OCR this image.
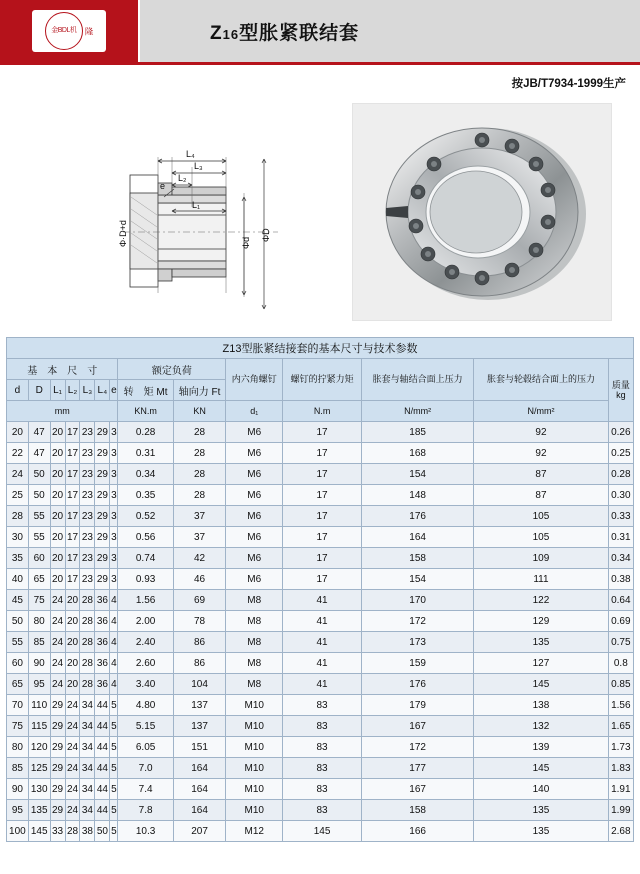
金BDL机 隆	Z16型胀紧联结套
按JB/T7934-1999生产
L₄
L₃
L₂
L₁
e
Φd
ΦD
Φ·D+d
Z13型胀紧结接套的基本尺寸与技术参数													
基　本　尺　寸							额定负荷		内六角螺钉	螺钉的拧紧力矩	胀套与轴结合面上压力	胀套与轮毂结合面上的压力	质量
kg

d	D	L₁	L₂	L₃	L₄	e	转　矩 Mt	轴向力 Ft					
mm							KN.m	KN	d₁	N.m	N/mm²	N/mm²	
20	47	20	17	23	29	3	0.28	28	M6	17	185	92	0.26
22	47	20	17	23	29	3	0.31	28	M6	17	168	92	0.25
24	50	20	17	23	29	3	0.34	28	M6	17	154	87	0.28
25	50	20	17	23	29	3	0.35	28	M6	17	148	87	0.30
28	55	20	17	23	29	3	0.52	37	M6	17	176	105	0.33
30	55	20	17	23	29	3	0.56	37	M6	17	164	105	0.31
35	60	20	17	23	29	3	0.74	42	M6	17	158	109	0.34
40	65	20	17	23	29	3	0.93	46	M6	17	154	111	0.38
45	75	24	20	28	36	4	1.56	69	M8	41	170	122	0.64
50	80	24	20	28	36	4	2.00	78	M8	41	172	129	0.69
55	85	24	20	28	36	4	2.40	86	M8	41	173	135	0.75
60	90	24	20	28	36	4	2.60	86	M8	41	159	127	0.8
65	95	24	20	28	36	4	3.40	104	M8	41	176	145	0.85
70	110	29	24	34	44	5	4.80	137	M10	83	179	138	1.56
75	115	29	24	34	44	5	5.15	137	M10	83	167	132	1.65
80	120	29	24	34	44	5	6.05	151	M10	83	172	139	1.73
85	125	29	24	34	44	5	7.0	164	M10	83	177	145	1.83
90	130	29	24	34	44	5	7.4	164	M10	83	167	140	1.91
95	135	29	24	34	44	5	7.8	164	M10	83	158	135	1.99
100	145	33	28	38	50	5	10.3	207	M12	145	166	135	2.68
